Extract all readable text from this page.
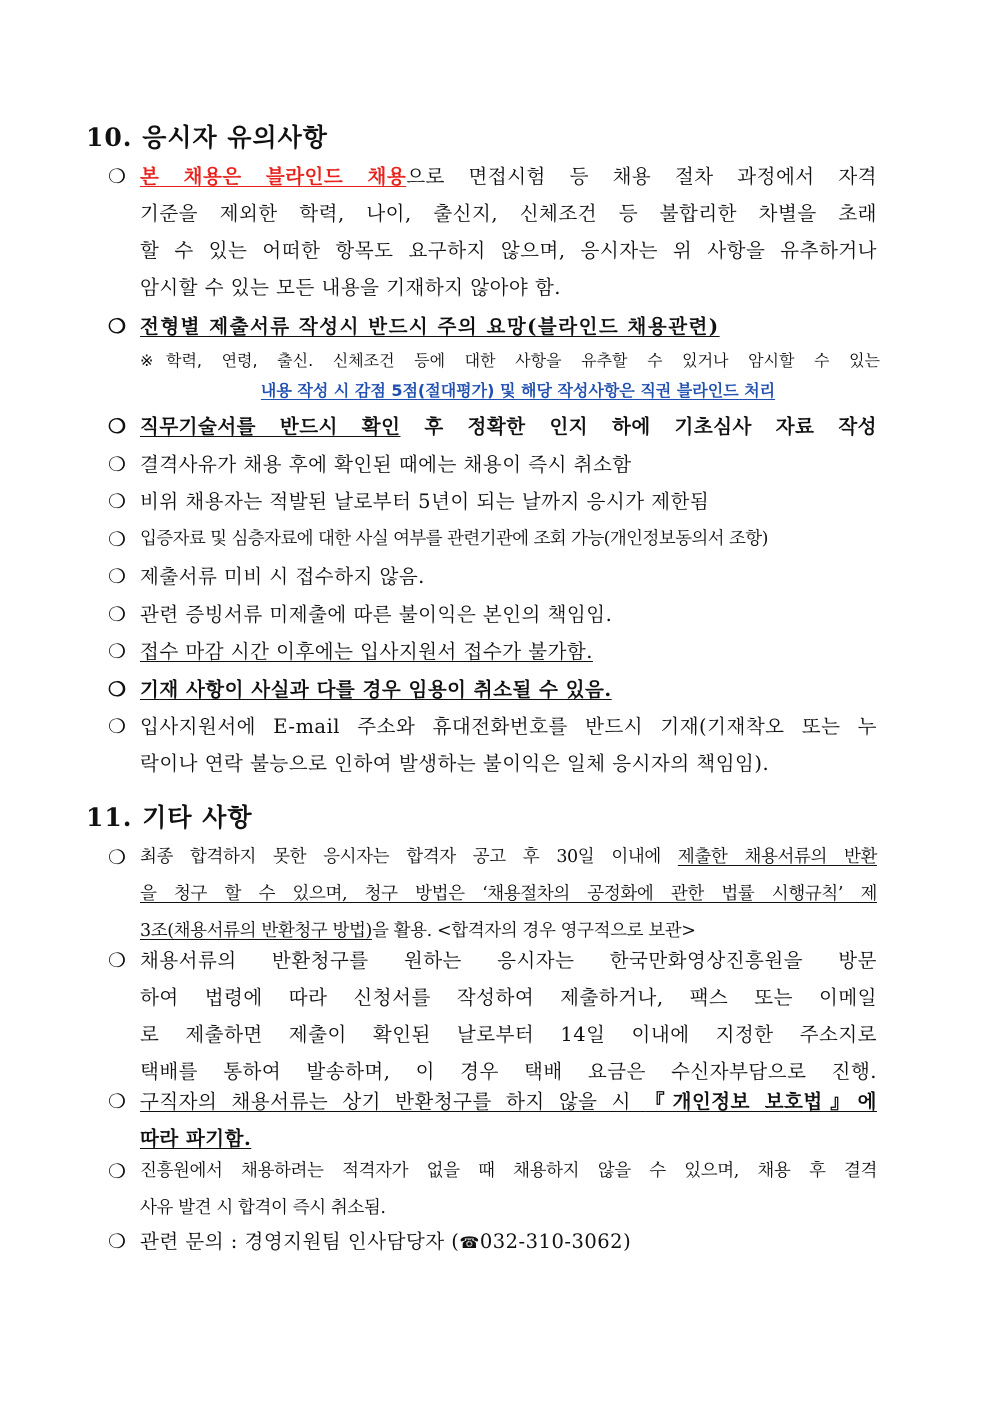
10. 응시자 유의사항
❍ 본 채용은 블라인드 채용으로 면접시험 등 채용 절차 과정에서 자격
기준을 제외한 학력, 나이, 출신지, 신체조건 등 불합리한 차별을 초래
할 수 있는 어떠한 항목도 요구하지 않으며, 응시자는 위 사항을 유추하거나
암시할 수 있는 모든 내용을 기재하지 않아야 함.
❍ 전형별 제출서류 작성시 반드시 주의 요망(블라인드 채용관련)
※ 학력, 연령, 출신. 신체조건 등에 대한 사항을 유추할 수 있거나 암시할 수 있는
내용 작성 시 감점 5점(절대평가) 및 해당 작성사항은 직권 블라인드 처리
❍ 직무기술서를 반드시 확인 후 정확한 인지 하에 기초심사 자료 작성
❍ 결격사유가 채용 후에 확인된 때에는 채용이 즉시 취소함
❍ 비위 채용자는 적발된 날로부터 5년이 되는 날까지 응시가 제한됨
❍ 입증자료 및 심층자료에 대한 사실 여부를 관련기관에 조회 가능(개인정보동의서 조항)
❍ 제출서류 미비 시 접수하지 않음.
❍ 관련 증빙서류 미제출에 따른 불이익은 본인의 책임임.
❍ 접수 마감 시간 이후에는 입사지원서 접수가 불가함.
❍ 기재 사항이 사실과 다를 경우 임용이 취소될 수 있음.
❍ 입사지원서에 E-mail 주소와 휴대전화번호를 반드시 기재(기재착오 또는 누
락이나 연락 불능으로 인하여 발생하는 불이익은 일체 응시자의 책임임).
11. 기타 사항
❍ 최종 합격하지 못한 응시자는 합격자 공고 후 30일 이내에 제출한 채용서류의 반환
을 청구 할 수 있으며, 청구 방법은 ‘채용절차의 공정화에 관한 법률 시행규칙’ 제
3조(채용서류의 반환청구 방법)을 활용. <합격자의 경우 영구적으로 보관>
❍ 채용서류의 반환청구를 원하는 응시자는 한국만화영상진흥원을 방문
하여 법령에 따라 신청서를 작성하여 제출하거나, 팩스 또는 이메일
로 제출하면 제출이 확인된 날로부터 14일 이내에 지정한 주소지로
택배를 통하여 발송하며, 이 경우 택배 요금은 수신자부담으로 진행.
❍ 구직자의 채용서류는 상기 반환청구를 하지 않을 시 『개인정보 보호법』에
따라 파기함.
❍ 진흥원에서 채용하려는 적격자가 없을 때 채용하지 않을 수 있으며, 채용 후 결격
사유 발견 시 합격이 즉시 취소됨.
❍ 관련 문의 : 경영지원팀 인사담당자 (☎032-310-3062)
